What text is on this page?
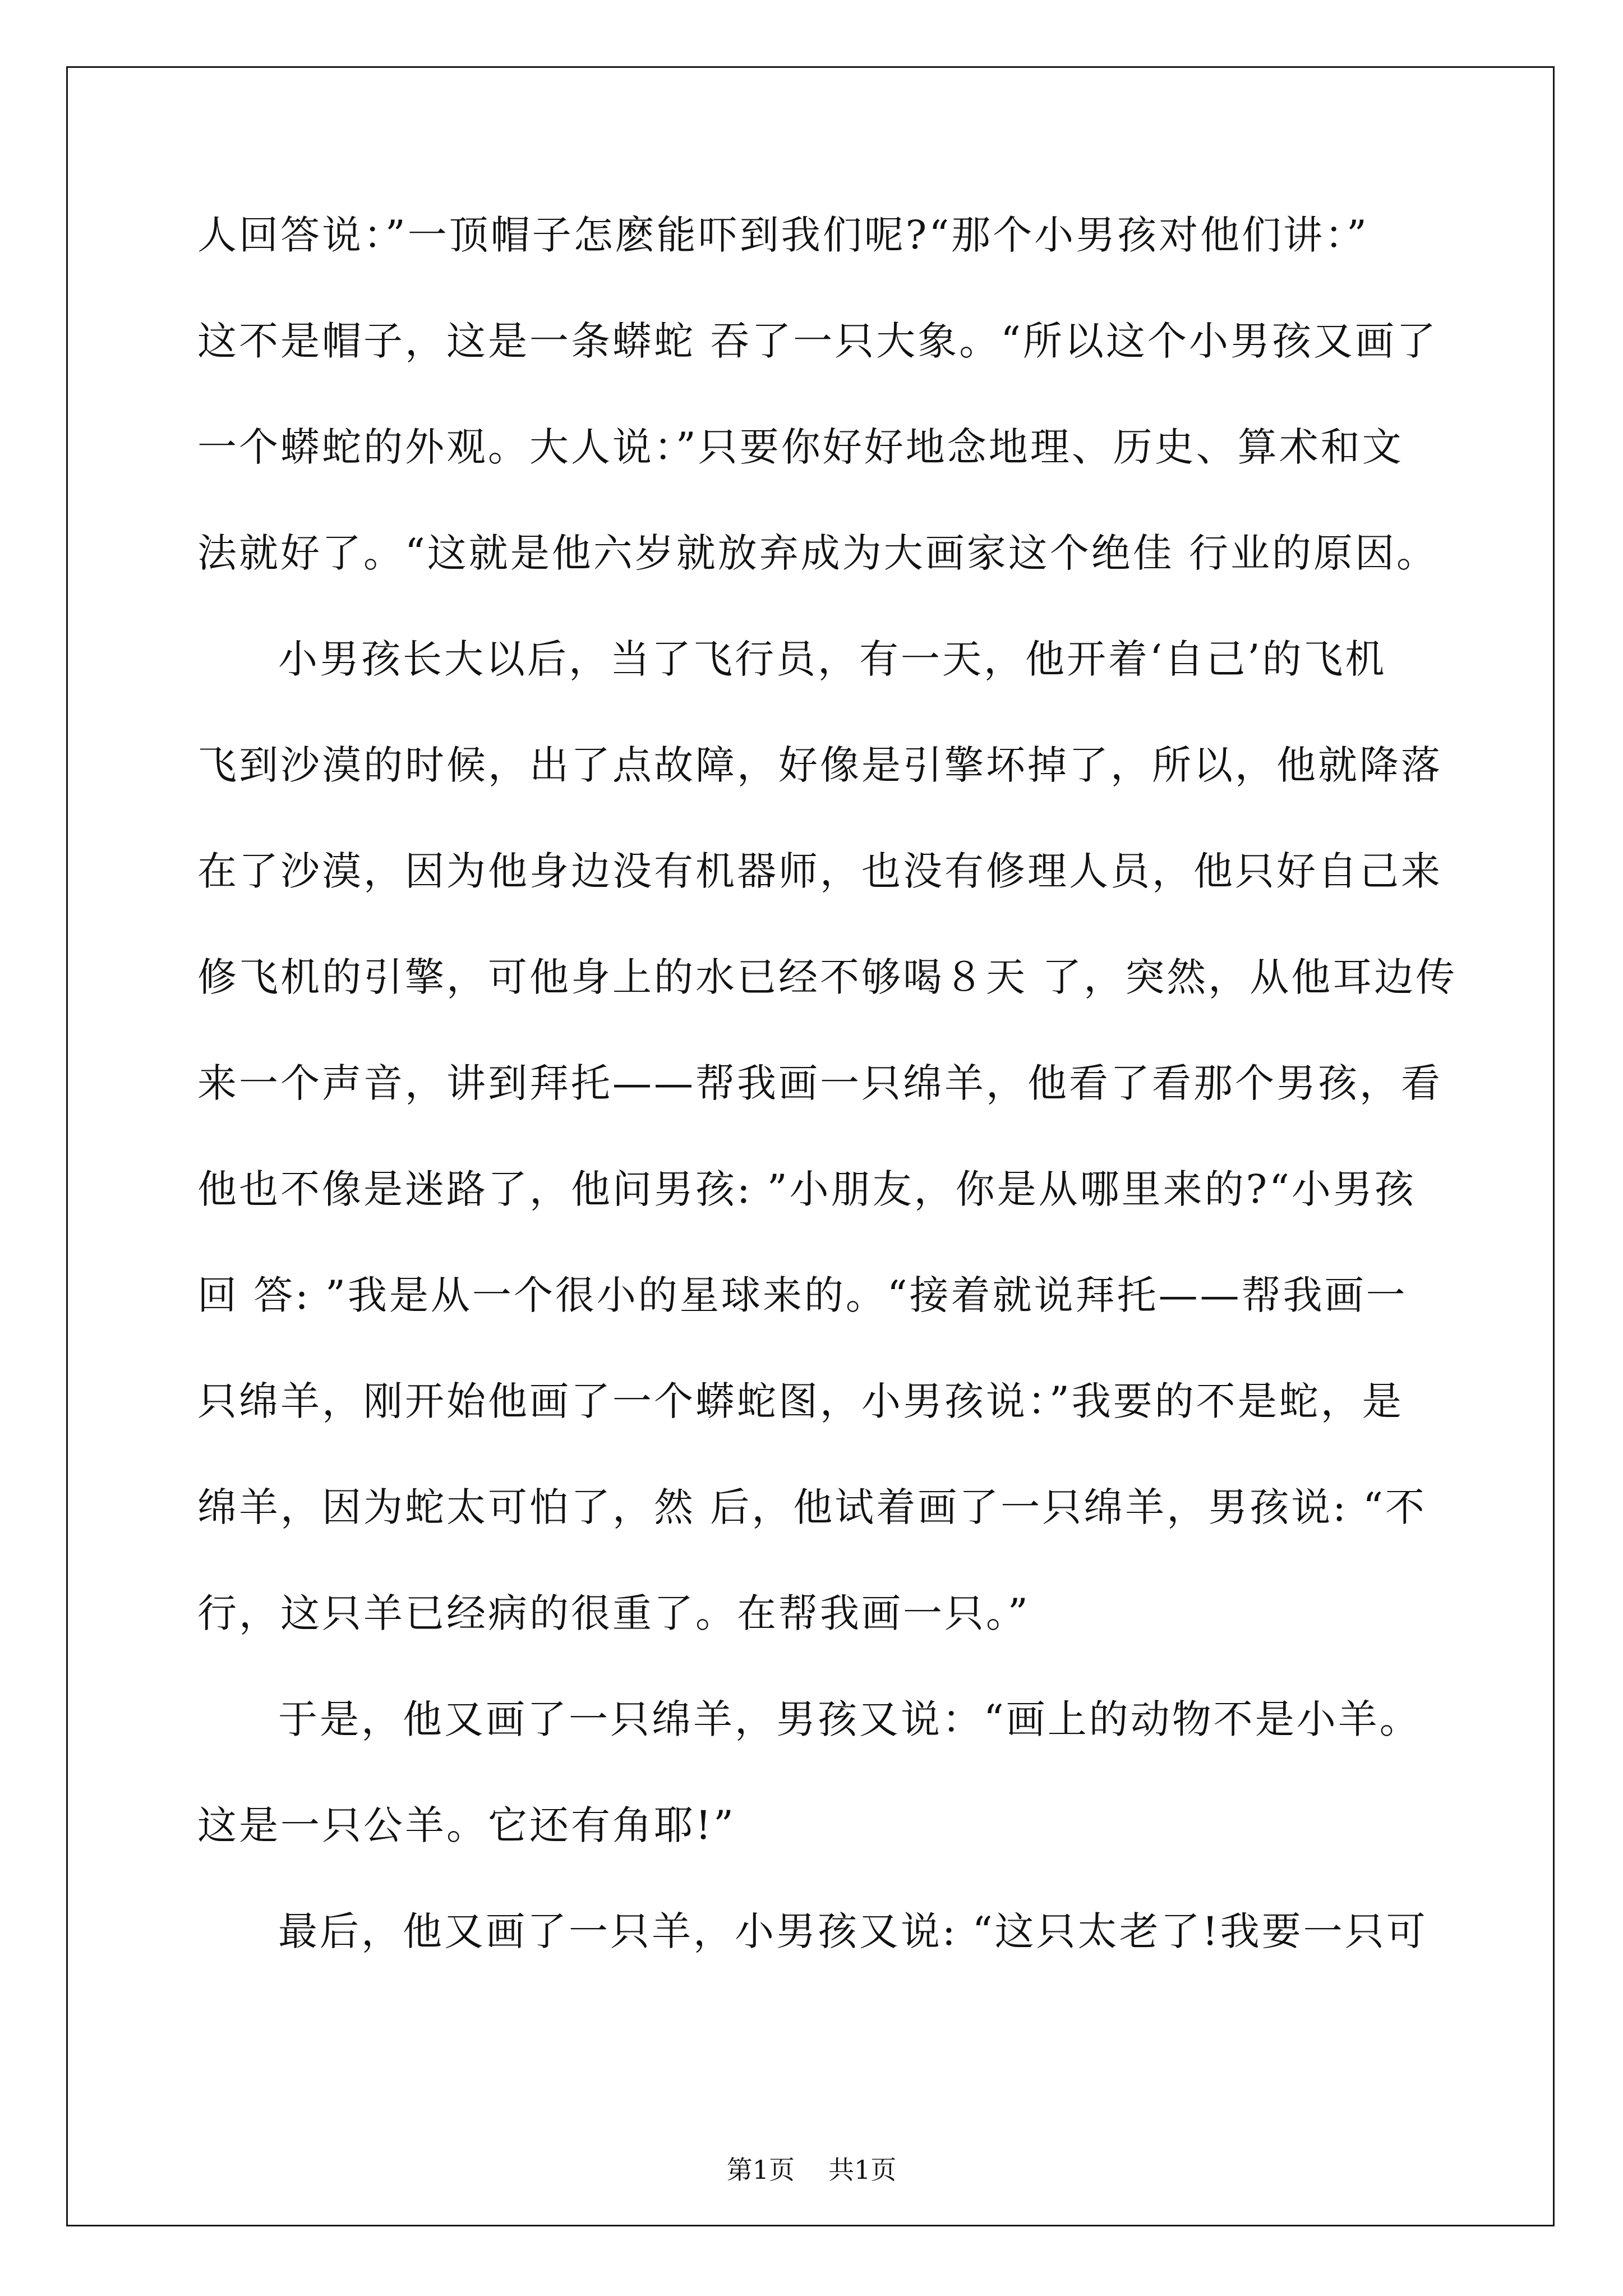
人回答说：”一顶帽子怎麽能吓到我们呢?“那个小男孩对他们讲：”
这不是帽子，这是一条蟒蛇 吞了一只大象。“所以这个小男孩又画了
一个蟒蛇的外观。大人说：”只要你好好地念地理、历史、算术和文
法就好了。“这就是他六岁就放弃成为大画家这个绝佳 行业的原因。
小男孩长大以后，当了飞行员，有一天，他开着‘自己’的飞机
飞到沙漠的时候，出了点故障，好像是引擎坏掉了，所以，他就降落
在了沙漠，因为他身边没有机器师，也没有修理人员，他只好自己来
修飞机的引擎，可他身上的水已经不够喝８天 了，突然，从他耳边传
来一个声音，讲到拜托——帮我画一只绵羊，他看了看那个男孩，看
他也不像是迷路了，他问男孩: ”小朋友，你是从哪里来的?“小男孩
回 答: ”我是从一个很小的星球来的。“接着就说拜托——帮我画一
只绵羊，刚开始他画了一个蟒蛇图，小男孩说：”我要的不是蛇，是
绵羊，因为蛇太可怕了，然 后，他试着画了一只绵羊，男孩说: “不
行，这只羊已经病的很重了。在帮我画一只。”
于是，他又画了一只绵羊，男孩又说：“画上的动物不是小羊。
这是一只公羊。它还有角耶!”
最后，他又画了一只羊，小男孩又说: “这只太老了!我要一只可
第1页 共1页
